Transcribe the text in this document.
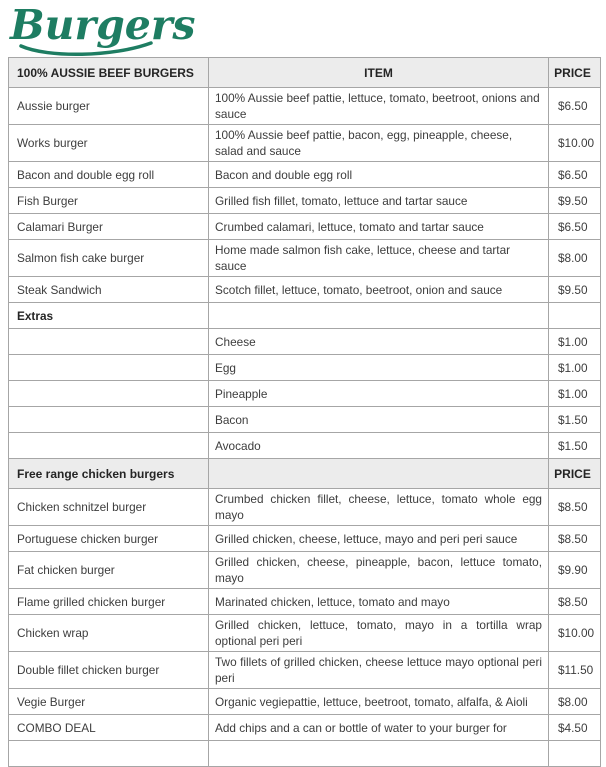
Burgers
100% AUSSIE BEEF BURGERS	ITEM	PRICE
Aussie burger	100% Aussie beef pattie, lettuce, tomato, beetroot, onions and sauce	$6.50
Works burger	100% Aussie beef pattie, bacon, egg, pineapple, cheese, salad and sauce	$10.00
Bacon and double egg roll	Bacon and double egg roll	$6.50
Fish Burger	Grilled fish fillet, tomato, lettuce and tartar sauce	$9.50
Calamari Burger	Crumbed calamari, lettuce, tomato and tartar sauce	$6.50
Salmon fish cake burger	Home made salmon fish cake, lettuce, cheese and tartar sauce	$8.00
Steak Sandwich	Scotch fillet, lettuce, tomato, beetroot, onion and sauce	$9.50
Extras		
	Cheese	$1.00
	Egg	$1.00
	Pineapple	$1.00
	Bacon	$1.50
	Avocado	$1.50
Free range chicken burgers		PRICE
Chicken schnitzel burger	Crumbed chicken fillet, cheese, lettuce, tomato whole egg mayo	$8.50
Portuguese chicken burger	Grilled chicken, cheese, lettuce, mayo and peri peri sauce	$8.50
Fat chicken burger	Grilled chicken, cheese, pineapple, bacon, lettuce tomato, mayo	$9.90
Flame grilled chicken burger	Marinated chicken, lettuce, tomato and mayo	$8.50
Chicken wrap	Grilled chicken, lettuce, tomato, mayo in a tortilla wrap optional peri peri	$10.00
Double fillet chicken burger	Two fillets of grilled chicken, cheese lettuce mayo optional peri peri	$11.50
Vegie Burger	Organic vegiepattie, lettuce, beetroot, tomato, alfalfa, & Aioli	$8.00
COMBO DEAL	Add chips and a can or bottle of water to your burger for	$4.50
